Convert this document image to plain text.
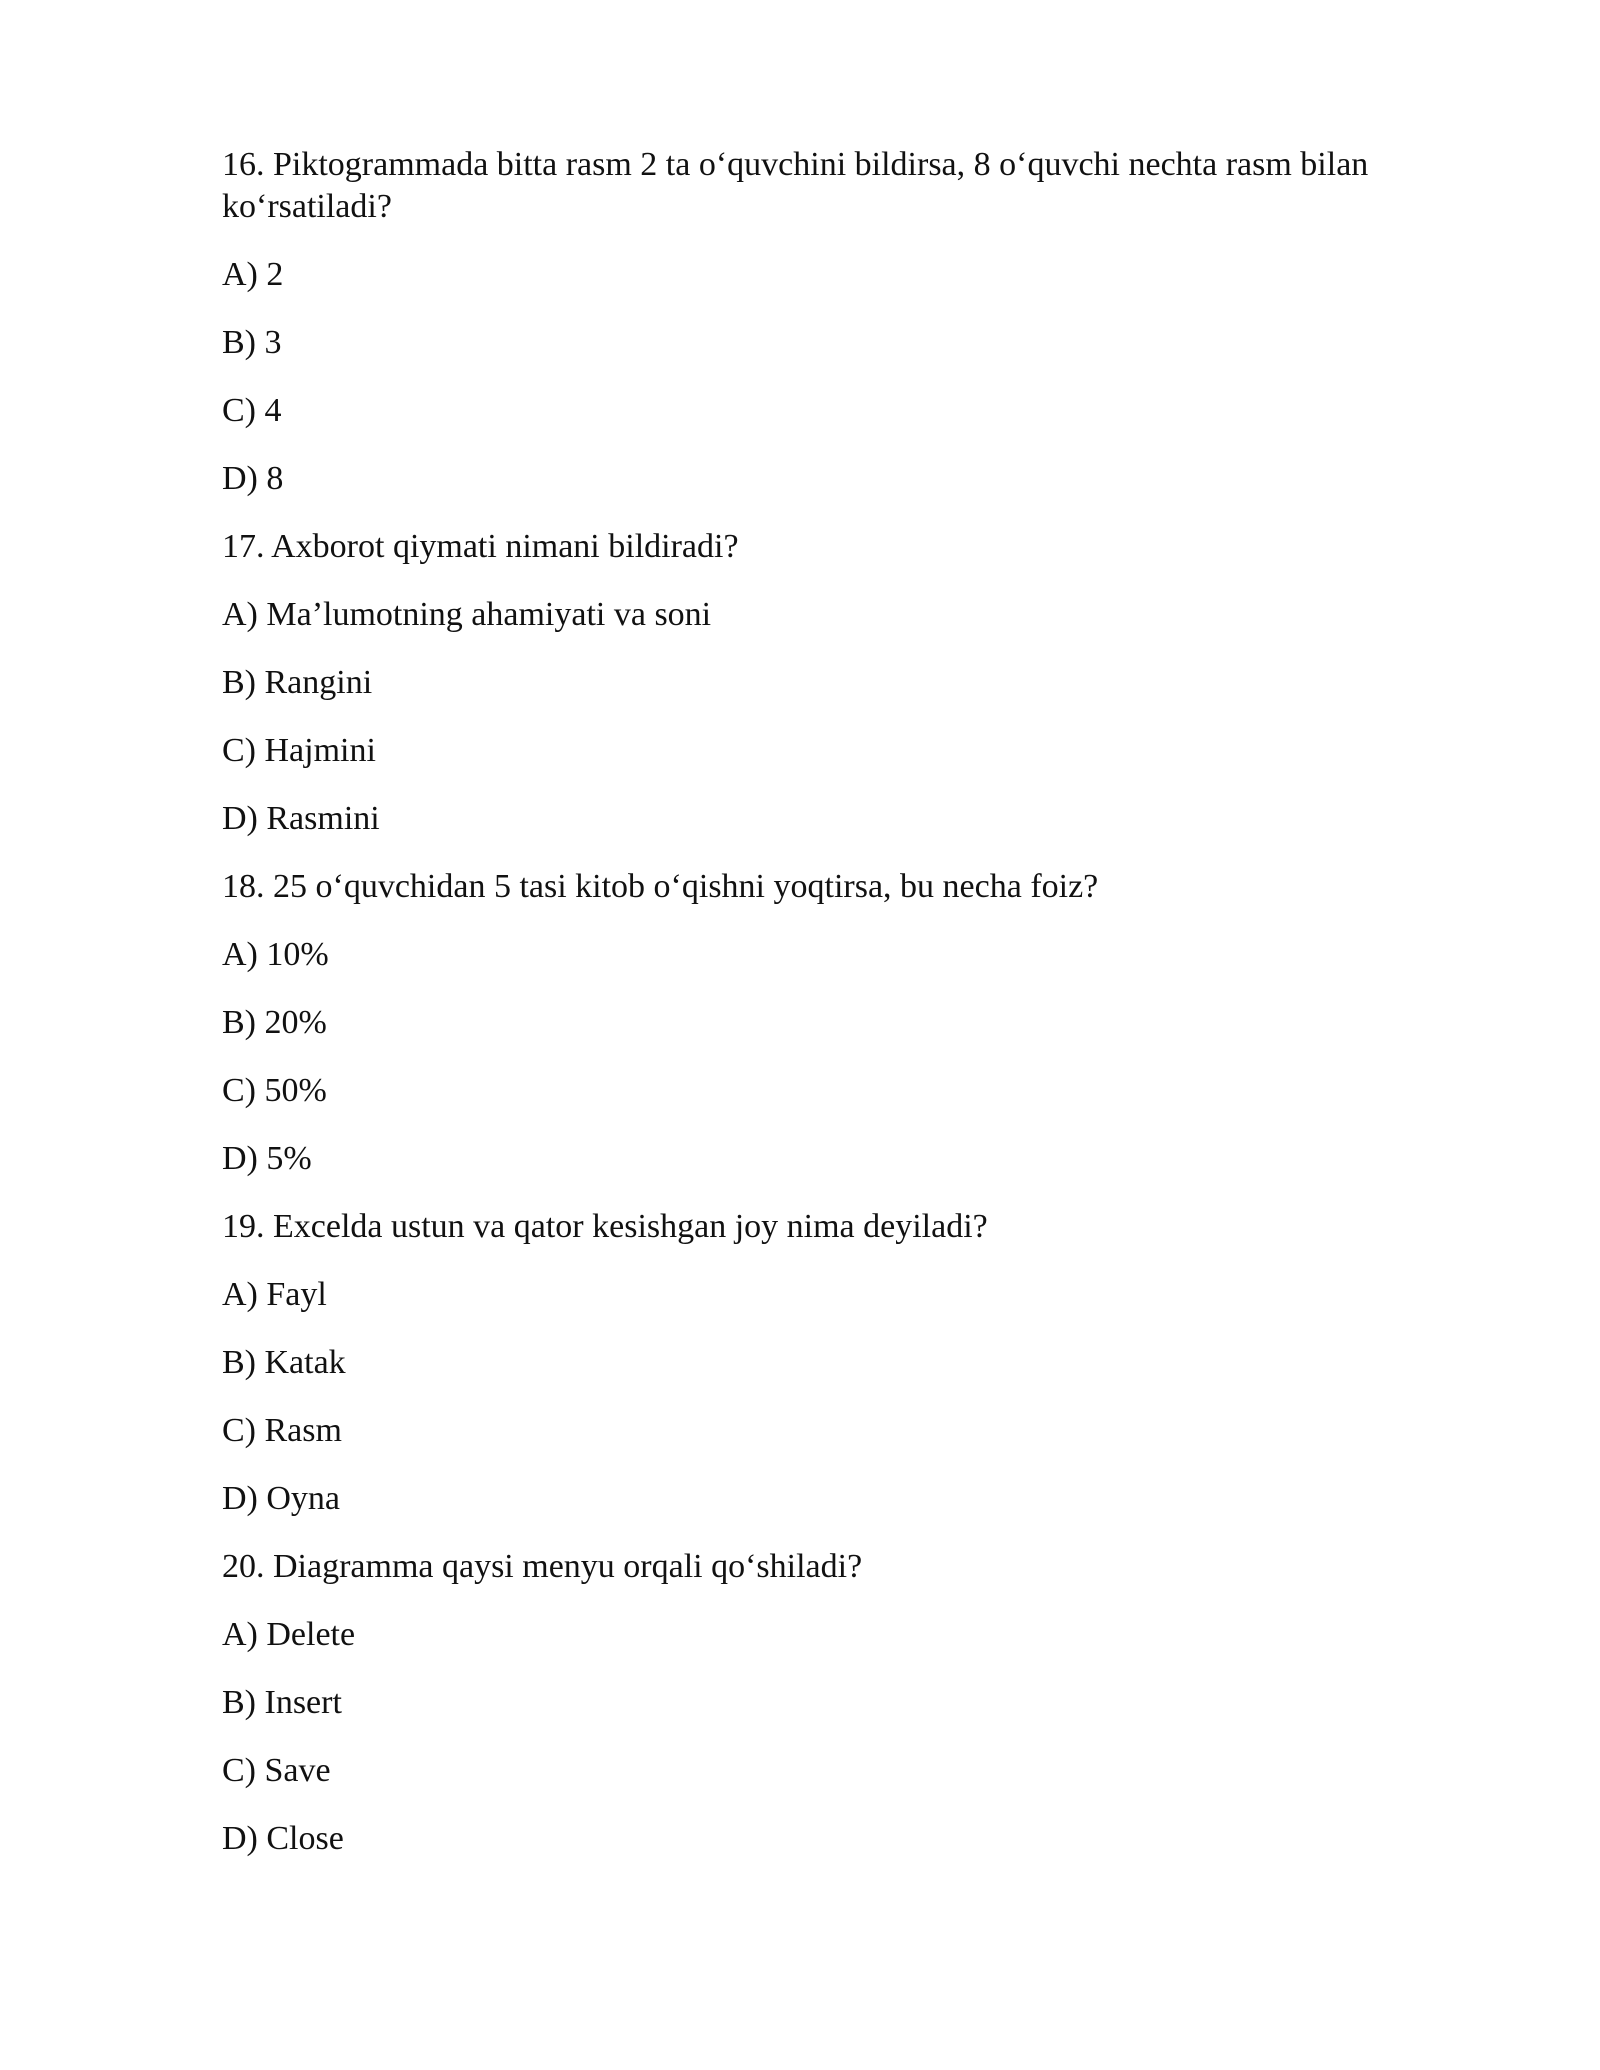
16. Piktogrammada bitta rasm 2 ta o‘quvchini bildirsa, 8 o‘quvchi nechta rasm bilan ko‘rsatiladi?
A) 2
B) 3
C) 4
D) 8
17. Axborot qiymati nimani bildiradi?
A) Ma’lumotning ahamiyati va soni
B) Rangini
C) Hajmini
D) Rasmini
18. 25 o‘quvchidan 5 tasi kitob o‘qishni yoqtirsa, bu necha foiz?
A) 10%
B) 20%
C) 50%
D) 5%
19. Excelda ustun va qator kesishgan joy nima deyiladi?
A) Fayl
B) Katak
C) Rasm
D) Oyna
20. Diagramma qaysi menyu orqali qo‘shiladi?
A) Delete
B) Insert
C) Save
D) Close
